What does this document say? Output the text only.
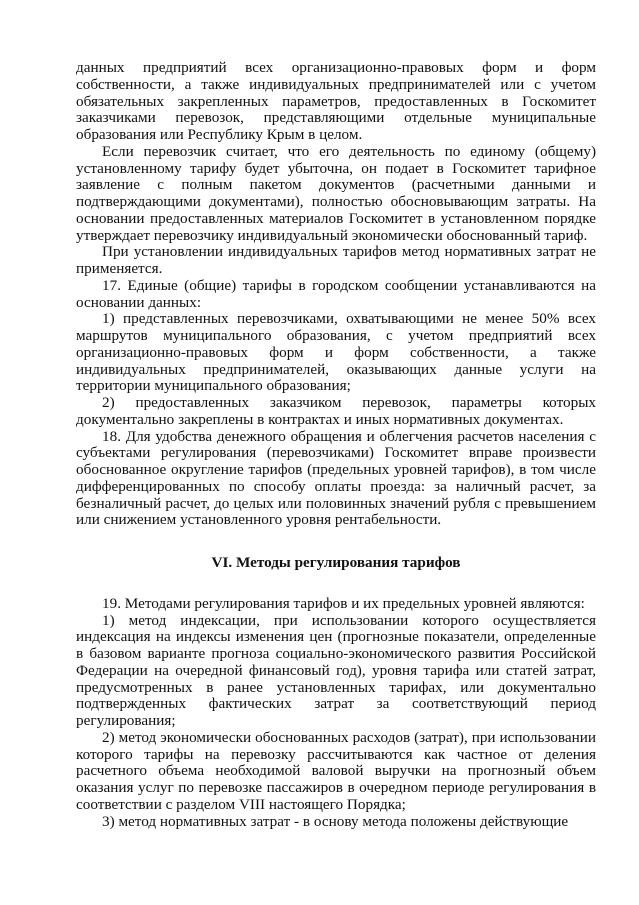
данных предприятий всех организационно-правовых форм и форм собственности, а также индивидуальных предпринимателей или с учетом обязательных закрепленных параметров, предоставленных в Госкомитет заказчиками перевозок, представляющими отдельные муниципальные образования или Республику Крым в целом.

Если перевозчик считает, что его деятельность по единому (общему) установленному тарифу будет убыточна, он подает в Госкомитет тарифное заявление с полным пакетом документов (расчетными данными и подтверждающими документами), полностью обосновывающим затраты. На основании предоставленных материалов Госкомитет в установленном порядке утверждает перевозчику индивидуальный экономически обоснованный тариф.

При установлении индивидуальных тарифов метод нормативных затрат не применяется.

17. Единые (общие) тарифы в городском сообщении устанавливаются на основании данных:

1) представленных перевозчиками, охватывающими не менее 50% всех маршрутов муниципального образования, с учетом предприятий всех организационно-правовых форм и форм собственности, а также индивидуальных предпринимателей, оказывающих данные услуги на территории муниципального образования;

2) предоставленных заказчиком перевозок, параметры которых документально закреплены в контрактах и иных нормативных документах.

18. Для удобства денежного обращения и облегчения расчетов населения с субъектами регулирования (перевозчиками) Госкомитет вправе произвести обоснованное округление тарифов (предельных уровней тарифов), в том числе дифференцированных по способу оплаты проезда: за наличный расчет, за безналичный расчет, до целых или половинных значений рубля с превышением или снижением установленного уровня рентабельности.

VI. Методы регулирования тарифов

19. Методами регулирования тарифов и их предельных уровней являются:

1) метод индексации, при использовании которого осуществляется индексация на индексы изменения цен (прогнозные показатели, определенные в базовом варианте прогноза социально-экономического развития Российской Федерации на очередной финансовый год), уровня тарифа или статей затрат, предусмотренных в ранее установленных тарифах, или документально подтвержденных фактических затрат за соответствующий период регулирования;

2) метод экономически обоснованных расходов (затрат), при использовании которого тарифы на перевозку рассчитываются как частное от деления расчетного объема необходимой валовой выручки на прогнозный объем оказания услуг по перевозке пассажиров в очередном периоде регулирования в соответствии с разделом VIII настоящего Порядка;

3) метод нормативных затрат - в основу метода положены действующие
